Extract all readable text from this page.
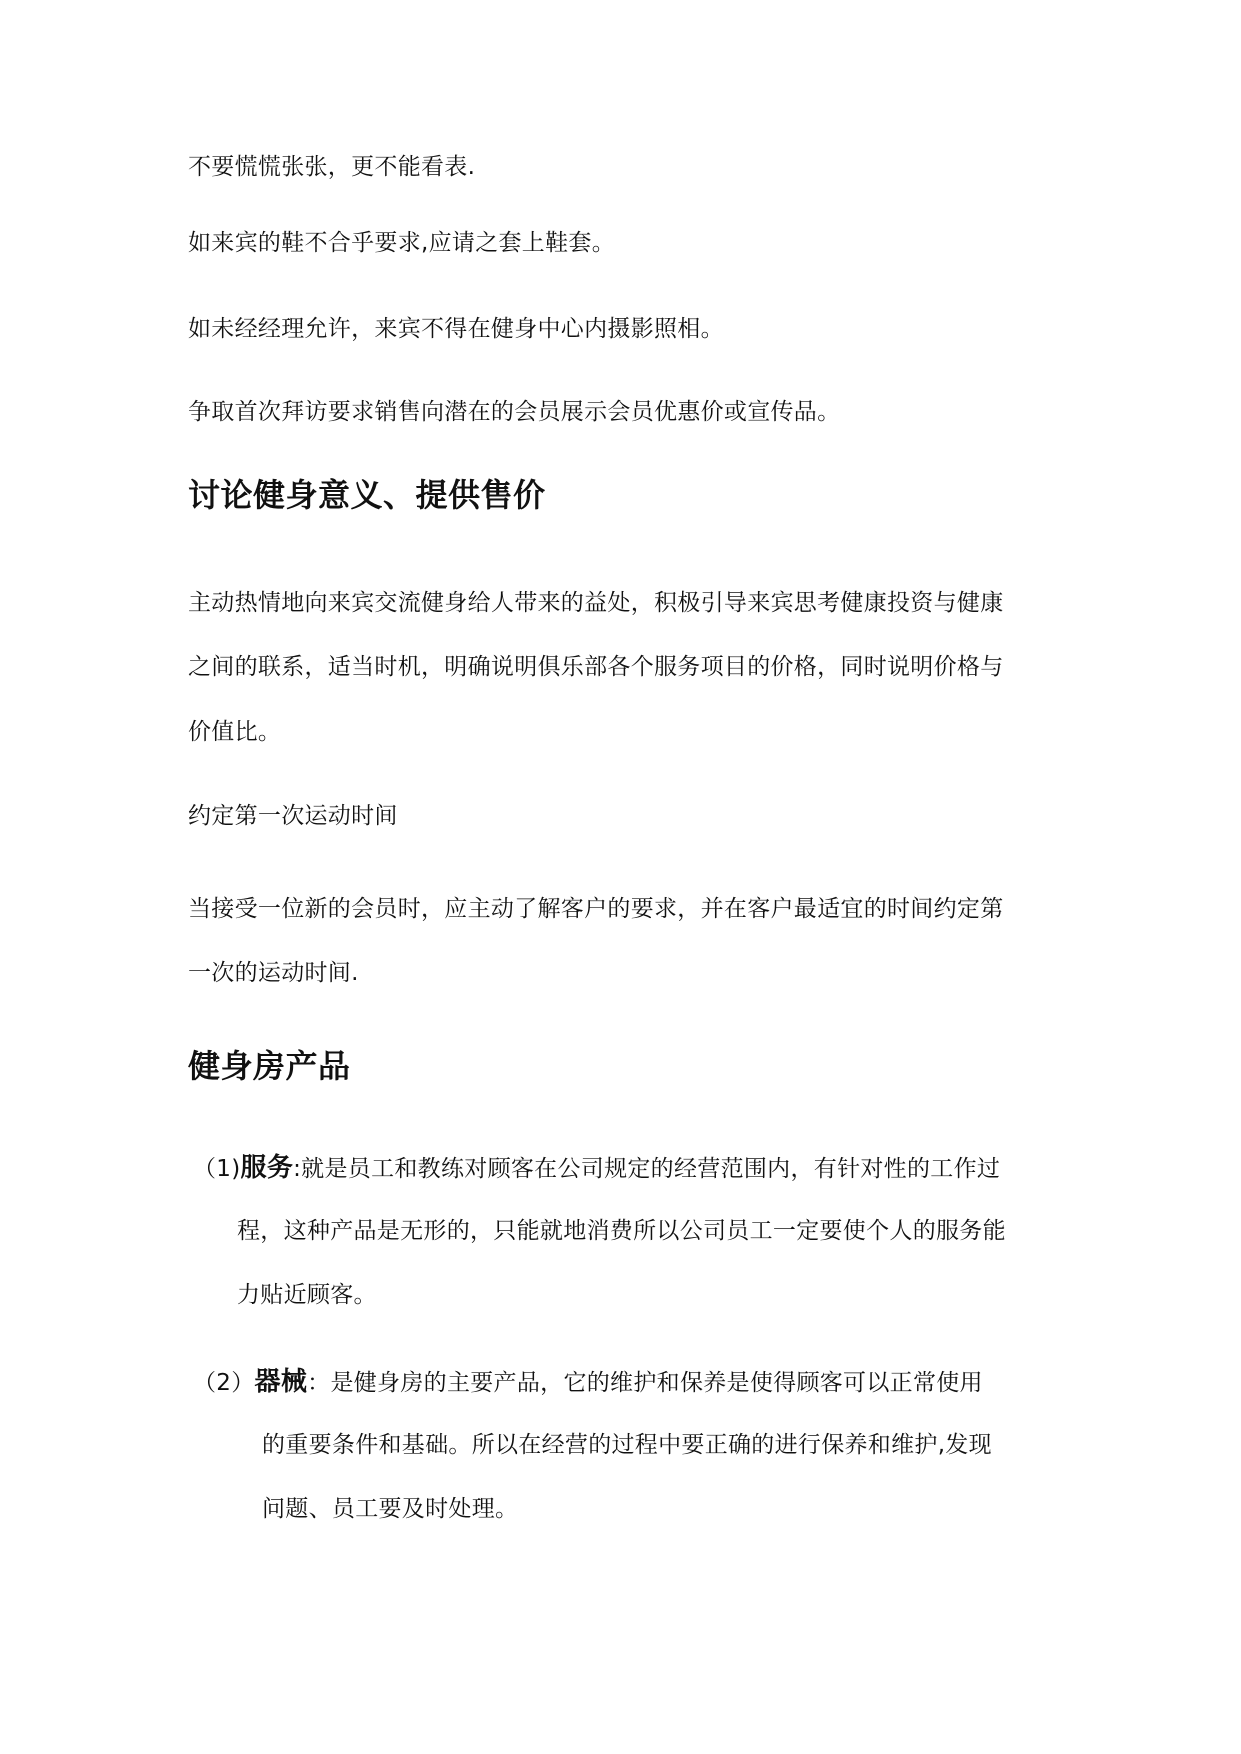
不要慌慌张张，更不能看表.
如来宾的鞋不合乎要求,应请之套上鞋套。
如未经经理允许，来宾不得在健身中心内摄影照相。
争取首次拜访要求销售向潜在的会员展示会员优惠价或宣传品。
讨论健身意义、提供售价
主动热情地向来宾交流健身给人带来的益处，积极引导来宾思考健康投资与健康
之间的联系，适当时机，明确说明俱乐部各个服务项目的价格，同时说明价格与
价值比。
约定第一次运动时间
当接受一位新的会员时，应主动了解客户的要求，并在客户最适宜的时间约定第
一次的运动时间.
健身房产品
（1)服务:就是员工和教练对顾客在公司规定的经营范围内，有针对性的工作过
程，这种产品是无形的，只能就地消费所以公司员工一定要使个人的服务能
力贴近顾客。
（2）器械：是健身房的主要产品，它的维护和保养是使得顾客可以正常使用
的重要条件和基础。所以在经营的过程中要正确的进行保养和维护,发现
问题、员工要及时处理。
